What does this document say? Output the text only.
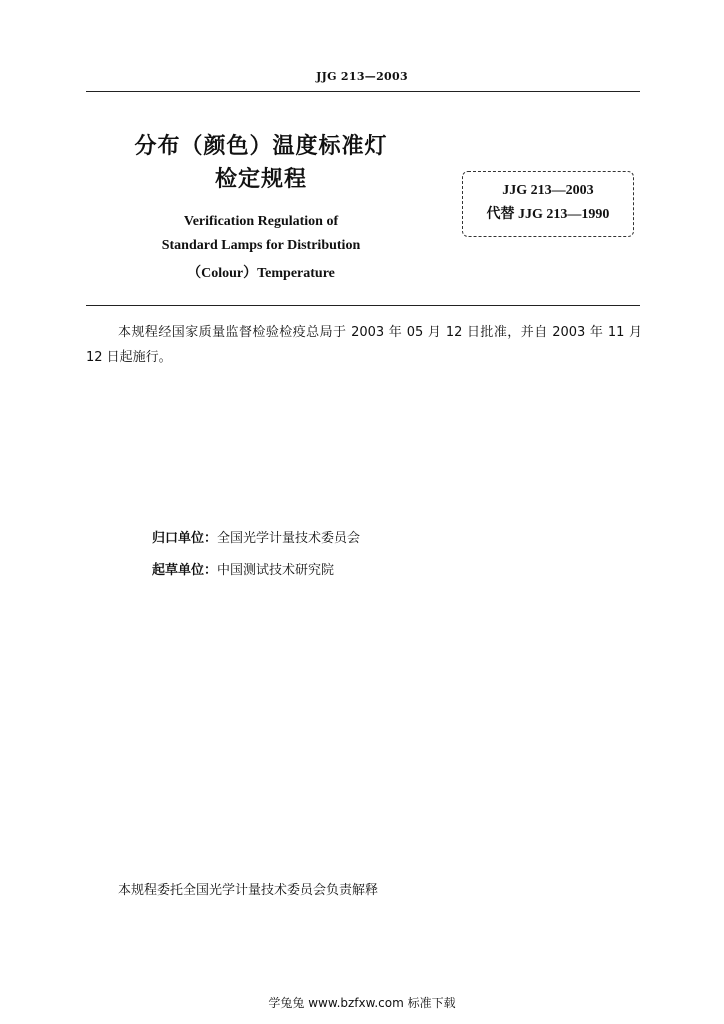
JJG 213—2003
分布（颜色）温度标准灯
检定规程	JJG 213—2003
代替 JJG 213—1990
Verification Regulation of
Standard Lamps for Distribution
（Colour）Temperature
本规程经国家质量监督检验检疫总局于 2003 年 05 月 12 日批准，并自 2003 年 11 月 12 日起施行。
归口单位：全国光学计量技术委员会
起草单位：中国测试技术研究院
本规程委托全国光学计量技术委员会负责解释
学兔兔 www.bzfxw.com 标准下载
